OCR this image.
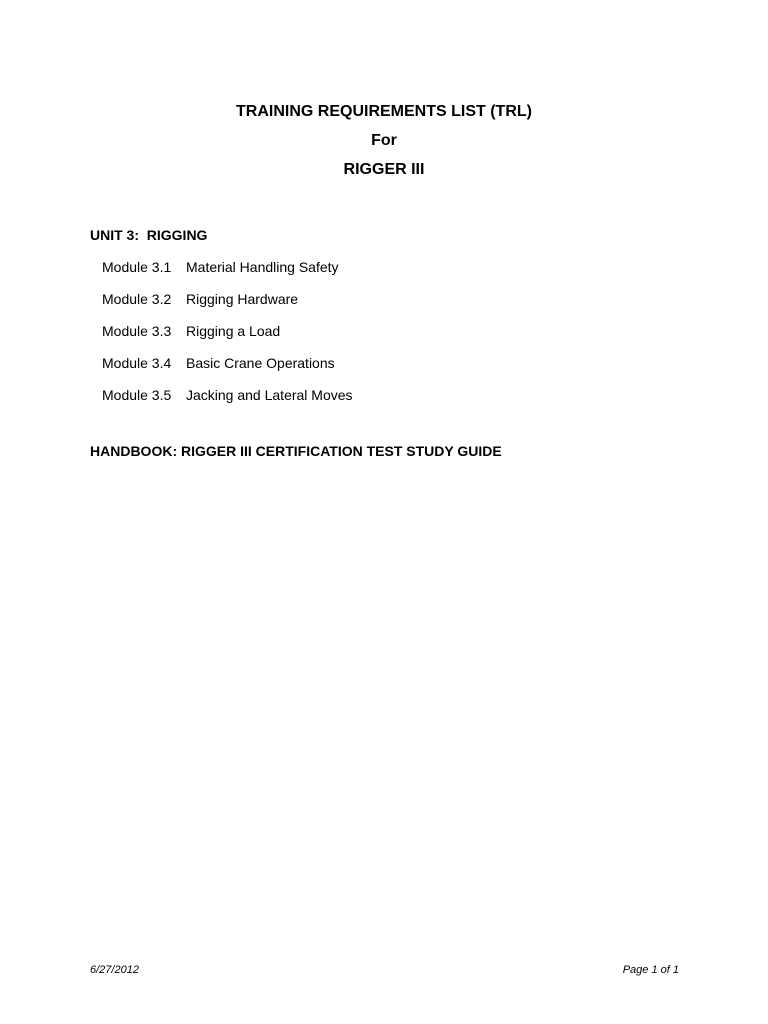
TRAINING REQUIREMENTS LIST (TRL)
For
RIGGER III
UNIT 3:  RIGGING
Module 3.1 Material Handling Safety
Module 3.2 Rigging Hardware
Module 3.3 Rigging a Load
Module 3.4 Basic Crane Operations
Module 3.5 Jacking and Lateral Moves
HANDBOOK: RIGGER III CERTIFICATION TEST STUDY GUIDE
6/27/2012	Page 1 of 1
